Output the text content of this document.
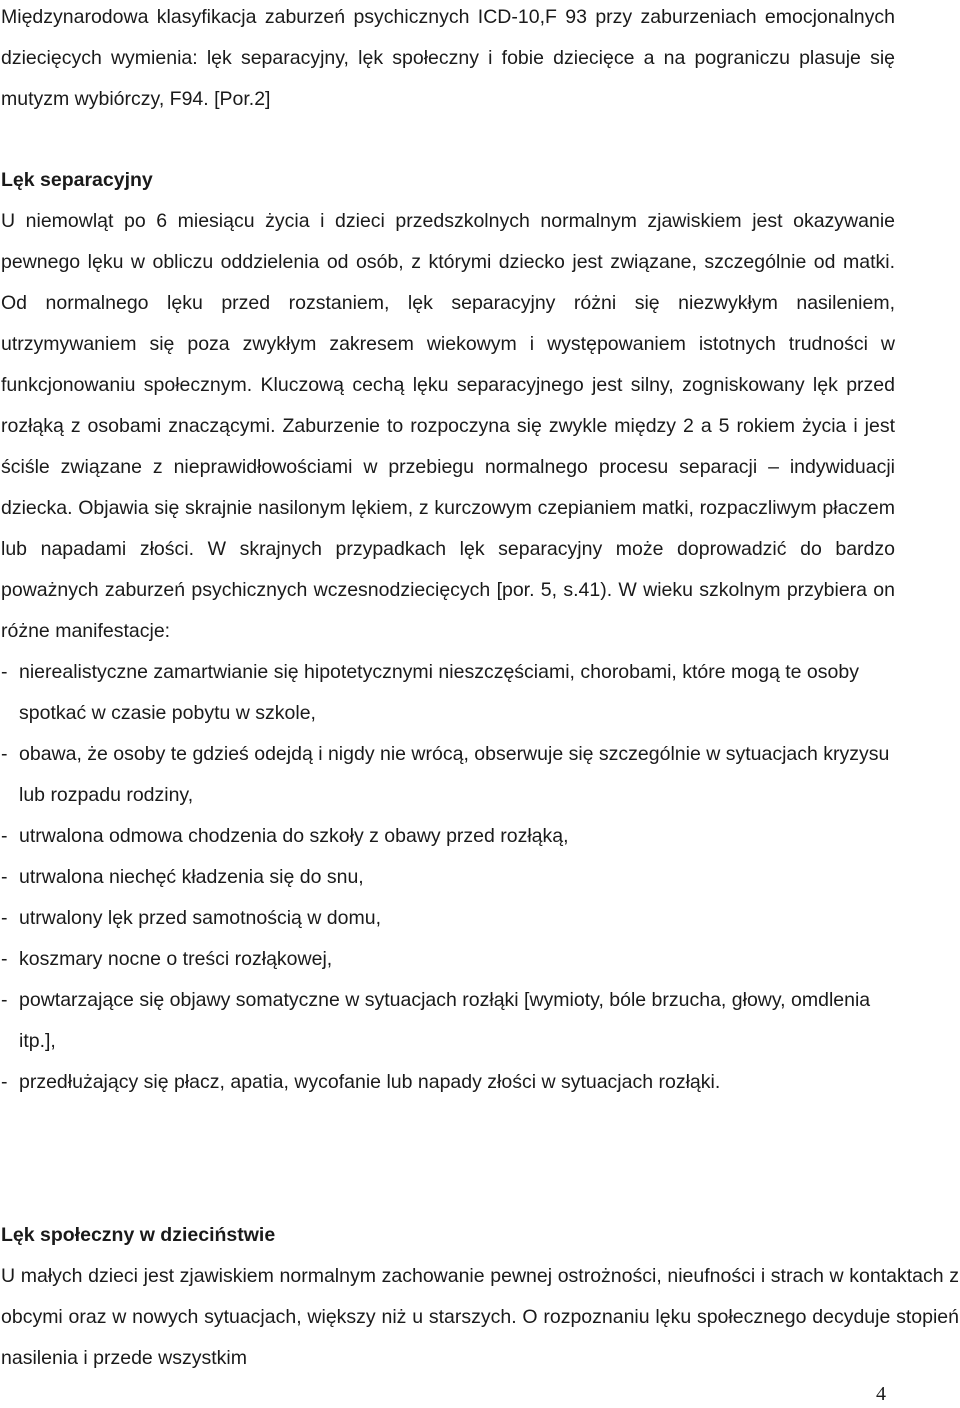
Międzynarodowa klasyfikacja zaburzeń psychicznych ICD-10,F 93 przy zaburzeniach emocjonalnych dziecięcych wymienia: lęk separacyjny, lęk społeczny i fobie dziecięce a na pograniczu plasuje się mutyzm wybiórczy, F94. [Por.2]

Lęk separacyjny

U niemowląt po 6 miesiącu życia i dzieci przedszkolnych normalnym zjawiskiem jest okazywanie pewnego lęku w obliczu oddzielenia od osób, z którymi dziecko jest związane, szczególnie od matki. Od normalnego lęku przed rozstaniem, lęk separacyjny różni się niezwykłym nasileniem, utrzymywaniem się poza zwykłym zakresem wiekowym i występowaniem istotnych trudności w funkcjonowaniu społecznym. Kluczową cechą lęku separacyjnego jest silny, zogniskowany lęk przed rozłąką z osobami znaczącymi. Zaburzenie to rozpoczyna się zwykle między 2 a 5 rokiem życia i jest ściśle związane z nieprawidłowościami w przebiegu normalnego procesu separacji – indywiduacji dziecka. Objawia się skrajnie nasilonym lękiem, z kurczowym czepianiem matki, rozpaczliwym płaczem lub napadami złości. W skrajnych przypadkach lęk separacyjny może doprowadzić do bardzo poważnych zaburzeń psychicznych wczesnodziecięcych [por. 5, s.41). W wieku szkolnym przybiera on różne manifestacje:

- nierealistyczne zamartwianie się hipotetycznymi nieszczęściami, chorobami, które mogą te osoby spotkać w czasie pobytu w szkole,
- obawa, że osoby te gdzieś odejdą i nigdy nie wrócą, obserwuje się szczególnie w sytuacjach kryzysu lub rozpadu rodziny,
- utrwalona odmowa chodzenia do szkoły z obawy przed rozłąką,
- utrwalona niechęć kładzenia się do snu,
- utrwalony lęk przed samotnością w domu,
- koszmary nocne o treści rozłąkowej,
- powtarzające się objawy somatyczne w sytuacjach rozłąki [wymioty, bóle brzucha, głowy, omdlenia itp.],
- przedłużający się płacz, apatia, wycofanie lub napady złości w sytuacjach rozłąki.
Lęk społeczny w dzieciństwie

U małych dzieci jest zjawiskiem normalnym zachowanie pewnej ostrożności, nieufności i strach w kontaktach z obcymi oraz w nowych sytuacjach, większy niż u starszych. O rozpoznaniu lęku społecznego decyduje stopień nasilenia i przede wszystkim

4
